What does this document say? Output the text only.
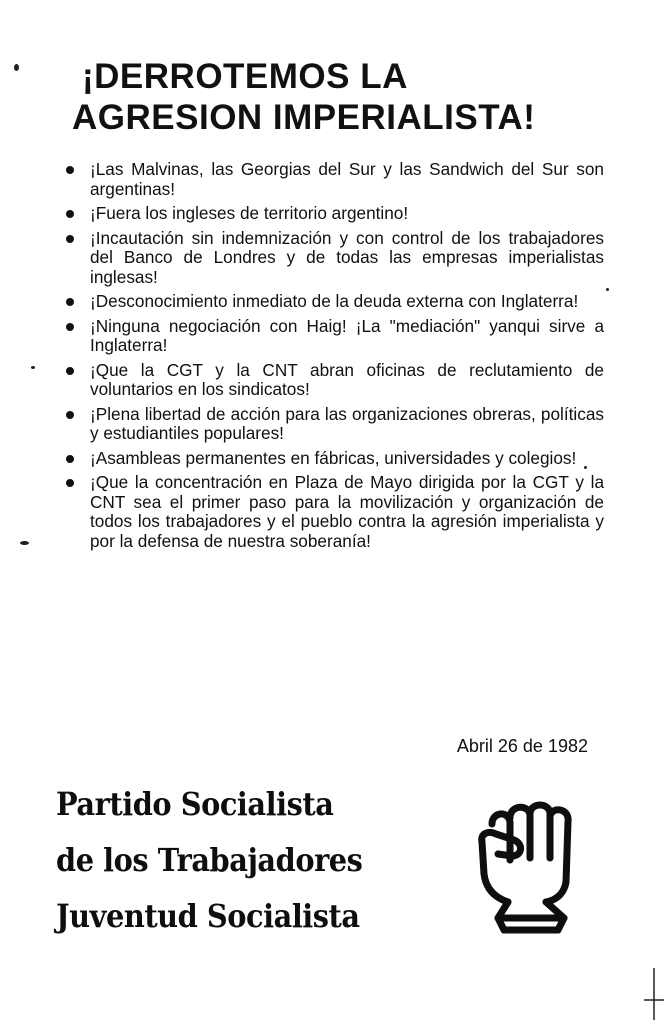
¡DERROTEMOS LA
AGRESION IMPERIALISTA!
¡Las Malvinas, las Georgias del Sur y las Sandwich del Sur son argentinas!
¡Fuera los ingleses de territorio argentino!
¡Incautación sin indemnización y con control de los trabajadores del Banco de Londres y de todas las empresas imperialistas inglesas!
¡Desconocimiento inmediato de la deuda externa con Inglaterra!
¡Ninguna negociación con Haig! ¡La "mediación" yanqui sirve a Inglaterra!
¡Que la CGT y la CNT abran oficinas de reclutamiento de voluntarios en los sindicatos!
¡Plena libertad de acción para las organizaciones obreras, políticas y estudiantiles populares!
¡Asambleas permanentes en fábricas, universidades y colegios!
¡Que la concentración en Plaza de Mayo dirigida por la CGT y la CNT sea el primer paso para la movilización y organización de todos los trabajadores y el pueblo contra la agresión imperialista y por la defensa de nuestra soberanía!
Abril 26 de 1982
Partido Socialista
de los Trabajadores
Juventud Socialista
